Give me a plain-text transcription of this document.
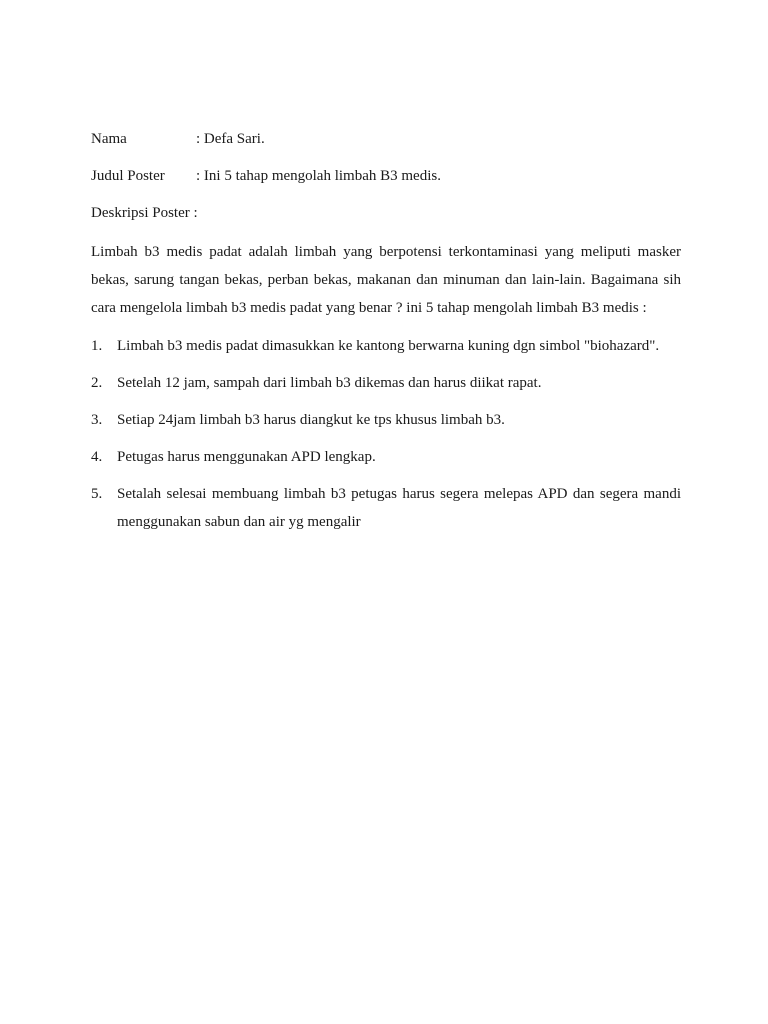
Nama	: Defa Sari.
Judul Poster	: Ini 5 tahap mengolah limbah B3 medis.
Deskripsi Poster :

Limbah b3 medis padat adalah limbah yang berpotensi terkontaminasi yang meliputi masker bekas, sarung tangan bekas, perban bekas, makanan dan minuman dan lain-lain. Bagaimana sih cara mengelola limbah b3 medis padat yang benar ? ini 5 tahap mengolah limbah B3 medis :

1. Limbah b3 medis padat dimasukkan ke kantong berwarna kuning dgn simbol "biohazard".
2. Setelah 12 jam, sampah dari limbah b3 dikemas dan harus diikat rapat.
3. Setiap 24jam limbah b3 harus diangkut ke tps khusus limbah b3.
4. Petugas harus menggunakan APD lengkap.
5. Setalah selesai membuang limbah b3 petugas harus segera melepas APD dan segera mandi menggunakan sabun dan air yg mengalir
